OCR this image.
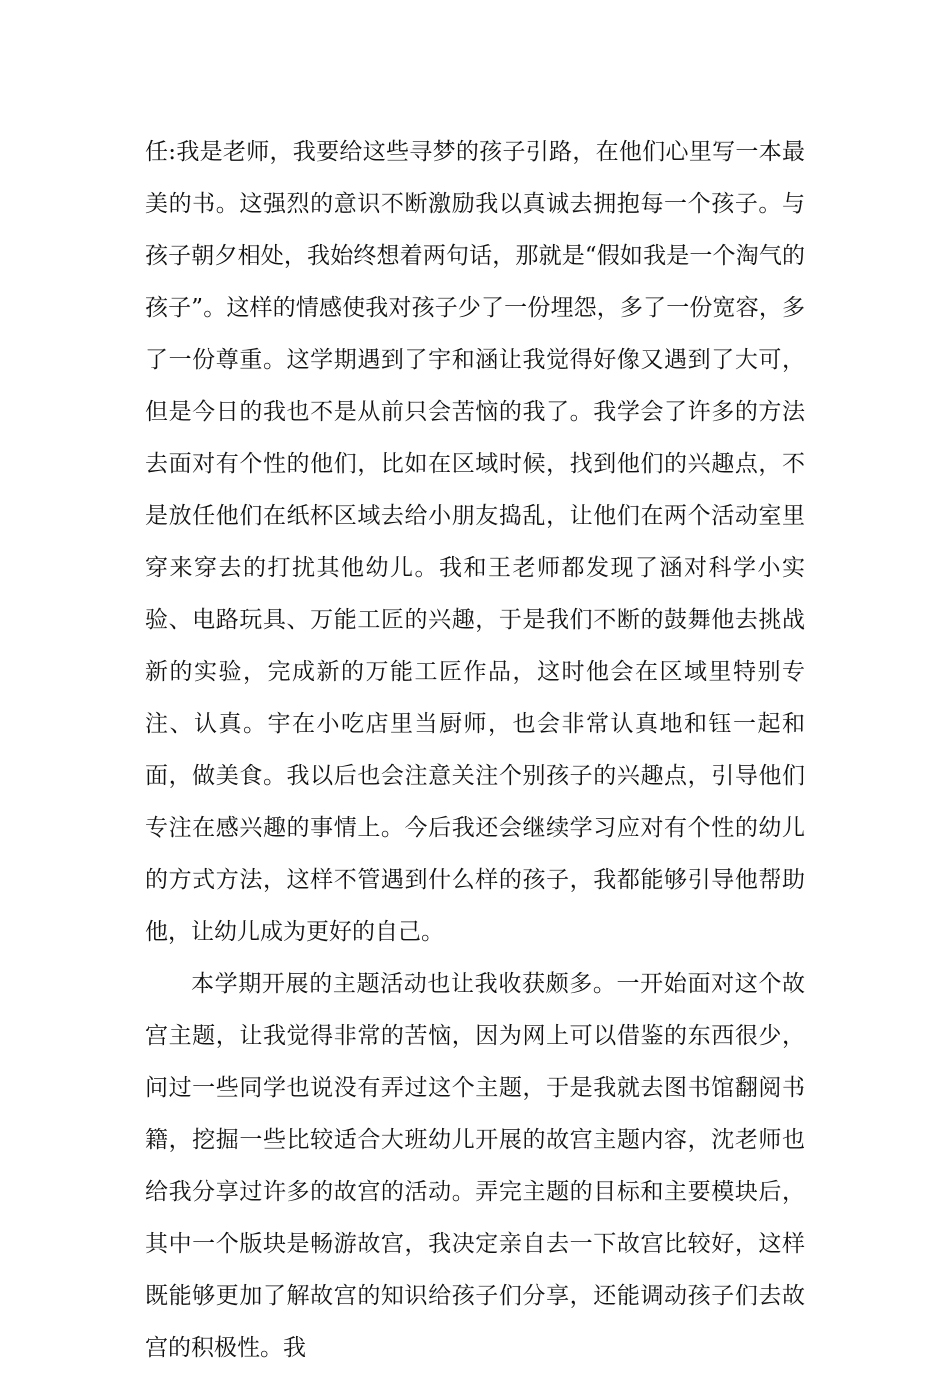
任:我是老师，我要给这些寻梦的孩子引路，在他们心里写一本最美的书。这强烈的意识不断激励我以真诚去拥抱每一个孩子。与孩子朝夕相处，我始终想着两句话，那就是“假如我是一个淘气的孩子”。这样的情感使我对孩子少了一份埋怨，多了一份宽容，多了一份尊重。这学期遇到了宇和涵让我觉得好像又遇到了大可，但是今日的我也不是从前只会苦恼的我了。我学会了许多的方法去面对有个性的他们，比如在区域时候，找到他们的兴趣点，不是放任他们在纸杯区域去给小朋友捣乱，让他们在两个活动室里穿来穿去的打扰其他幼儿。我和王老师都发现了涵对科学小实验、电路玩具、万能工匠的兴趣，于是我们不断的鼓舞他去挑战新的实验，完成新的万能工匠作品，这时他会在区域里特别专注、认真。宇在小吃店里当厨师，也会非常认真地和钰一起和面，做美食。我以后也会注意关注个别孩子的兴趣点，引导他们专注在感兴趣的事情上。今后我还会继续学习应对有个性的幼儿的方式方法，这样不管遇到什么样的孩子，我都能够引导他帮助他，让幼儿成为更好的自己。

本学期开展的主题活动也让我收获颇多。一开始面对这个故宫主题，让我觉得非常的苦恼，因为网上可以借鉴的东西很少，问过一些同学也说没有弄过这个主题，于是我就去图书馆翻阅书籍，挖掘一些比较适合大班幼儿开展的故宫主题内容，沈老师也给我分享过许多的故宫的活动。弄完主题的目标和主要模块后，其中一个版块是畅游故宫，我决定亲自去一下故宫比较好，这样既能够更加了解故宫的知识给孩子们分享，还能调动孩子们去故宫的积极性。我
